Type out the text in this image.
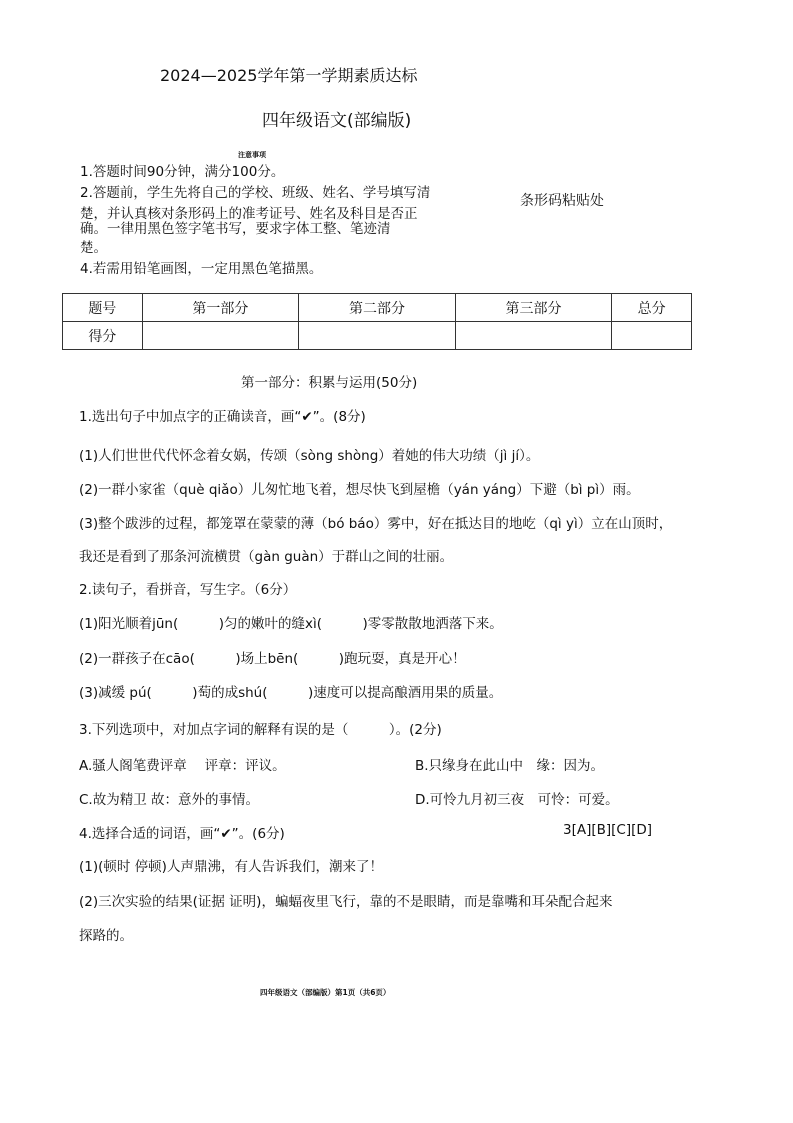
2024—2025学年第一学期素质达标
四年级语文(部编版)
注意事项
1.答题时间90分钟，满分100分。
2.答题前，学生先将自己的学校、班级、姓名、学号填写清
楚，并认真核对条形码上的准考证号、姓名及科目是否正
确。一律用黑色签字笔书写，要求字体工整、笔迹清
楚。
4.若需用铅笔画图，一定用黑色笔描黑。
条形码粘贴处
题号	第一部分	第二部分	第三部分	总分
得分				
第一部分：积累与运用(50分)
1.选出句子中加点字的正确读音，画“✔”。(8分)
(1)人们世世代代怀念着女娲，传颂（sòng shòng）着她的伟大功绩（jì jí）。
(2)一群小家雀（què qiǎo）儿匆忙地飞着，想尽快飞到屋檐（yán yáng）下避（bì pì）雨。
(3)整个跋涉的过程，都笼罩在蒙蒙的薄（bó báo）雾中，好在抵达目的地屹（qì yì）立在山顶时，
我还是看到了那条河流横贯（gàn guàn）于群山之间的壮丽。
2.读句子，看拼音，写生字。（6分）
(1)阳光顺着jūn(　　　)匀的嫩叶的缝xì(　　　)零零散散地洒落下来。
(2)一群孩子在cāo(　　　)场上bēn(　　　)跑玩耍，真是开心！
(3)减缓 pú(　　　)萄的成shú(　　　)速度可以提高酿酒用果的质量。
3.下列选项中，对加点字词的解释有误的是（　　　）。(2分)
A.骚人阁笔费评章　 评章：评议。	B.只缘身在此山中　缘：因为。
C.故为精卫 故：意外的事情。	D.可怜九月初三夜　可怜：可爱。
4.选择合适的词语，画“✔”。(6分)	3[A][B][C][D]
(1)(顿时 停顿)人声鼎沸，有人告诉我们，潮来了！
(2)三次实验的结果(证据 证明)，蝙蝠夜里飞行，靠的不是眼睛，而是靠嘴和耳朵配合起来
探路的。
四年级语文（部编版）第1页（共6页）
